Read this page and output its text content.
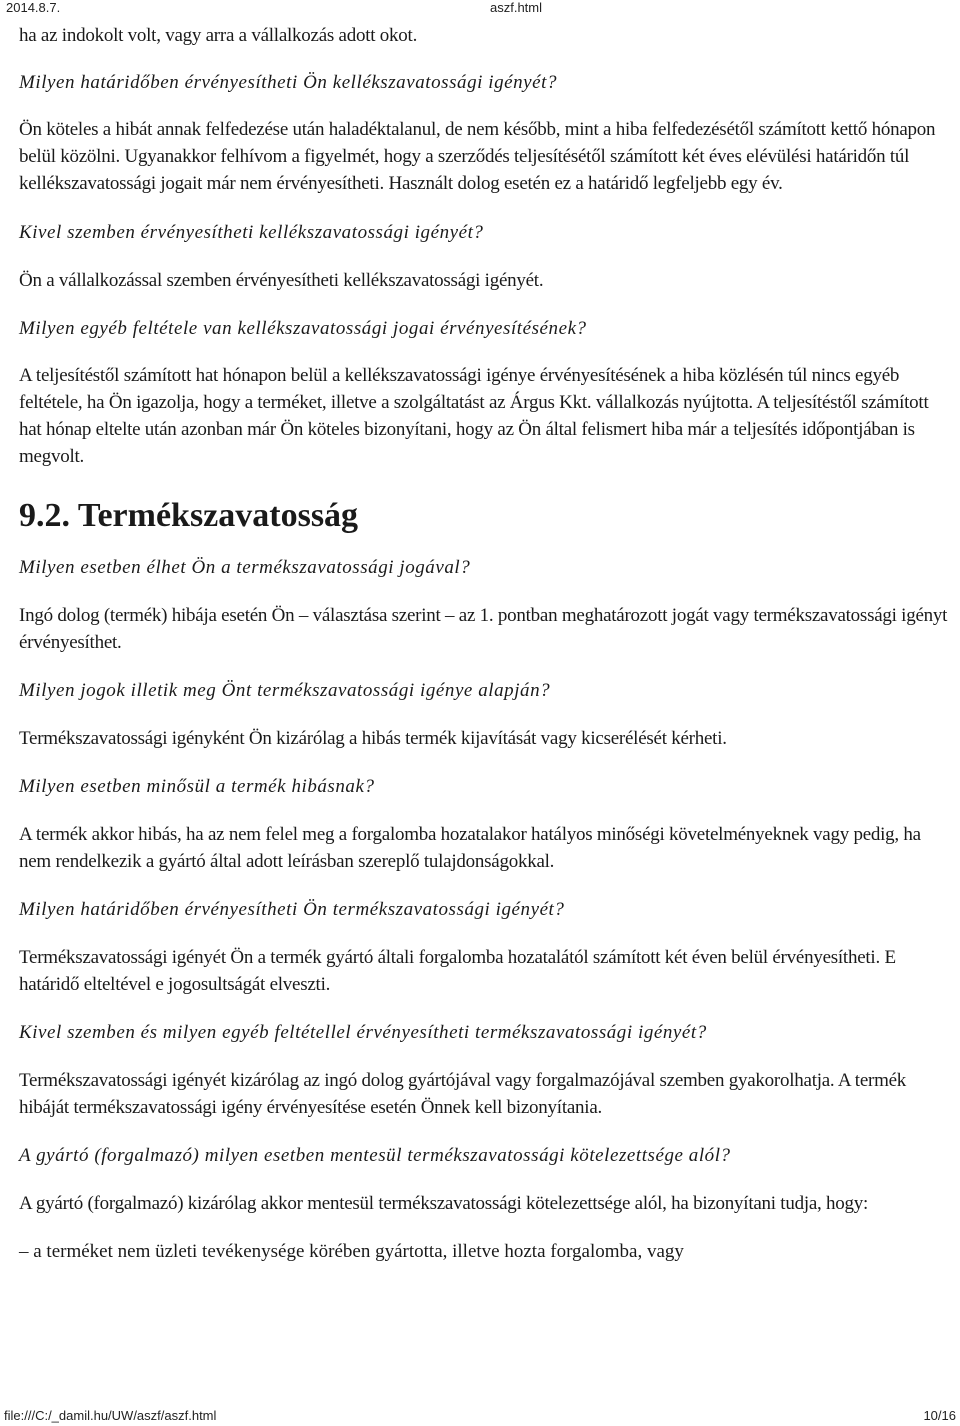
2014.8.7.	aszf.html

ha az indokolt volt, vagy arra a vállalkozás adott okot.

Milyen határidőben érvényesítheti Ön kellékszavatossági igényét?

Ön köteles a hibát annak felfedezése után haladéktalanul, de nem később, mint a hiba felfedezésétől számított kettő hónapon belül közölni. Ugyanakkor felhívom a figyelmét, hogy a szerződés teljesítésétől számított két éves elévülési határidőn túl kellékszavatossági jogait már nem érvényesítheti. Használt dolog esetén ez a határidő legfeljebb egy év.

Kivel szemben érvényesítheti kellékszavatossági igényét?

Ön a vállalkozással szemben érvényesítheti kellékszavatossági igényét.

Milyen egyéb feltétele van kellékszavatossági jogai érvényesítésének?

A teljesítéstől számított hat hónapon belül a kellékszavatossági igénye érvényesítésének a hiba közlésén túl nincs egyéb feltétele, ha Ön igazolja, hogy a terméket, illetve a szolgáltatást az Árgus Kkt. vállalkozás nyújtotta. A teljesítéstől számított hat hónap eltelte után azonban már Ön köteles bizonyítani, hogy az Ön által felismert hiba már a teljesítés időpontjában is megvolt.

9.2. Termékszavatosság

Milyen esetben élhet Ön a termékszavatossági jogával?

Ingó dolog (termék) hibája esetén Ön – választása szerint – az 1. pontban meghatározott jogát vagy termékszavatossági igényt érvényesíthet.

Milyen jogok illetik meg Önt termékszavatossági igénye alapján?

Termékszavatossági igényként Ön kizárólag a hibás termék kijavítását vagy kicserélését kérheti.

Milyen esetben minősül a termék hibásnak?

A termék akkor hibás, ha az nem felel meg a forgalomba hozatalakor hatályos minőségi követelményeknek vagy pedig, ha nem rendelkezik a gyártó által adott leírásban szereplő tulajdonságokkal.

Milyen határidőben érvényesítheti Ön termékszavatossági igényét?

Termékszavatossági igényét Ön a termék gyártó általi forgalomba hozatalától számított két éven belül érvényesítheti. E határidő elteltével e jogosultságát elveszti.

Kivel szemben és milyen egyéb feltétellel érvényesítheti termékszavatossági igényét?

Termékszavatossági igényét kizárólag az ingó dolog gyártójával vagy forgalmazójával szemben gyakorolhatja. A termék hibáját termékszavatossági igény érvényesítése esetén Önnek kell bizonyítania.

A gyártó (forgalmazó) milyen esetben mentesül termékszavatossági kötelezettsége alól?

A gyártó (forgalmazó) kizárólag akkor mentesül termékszavatossági kötelezettsége alól, ha bizonyítani tudja, hogy:

– a terméket nem üzleti tevékenysége körében gyártotta, illetve hozta forgalomba, vagy

file:///C:/_damil.hu/UW/aszf/aszf.html	10/16
